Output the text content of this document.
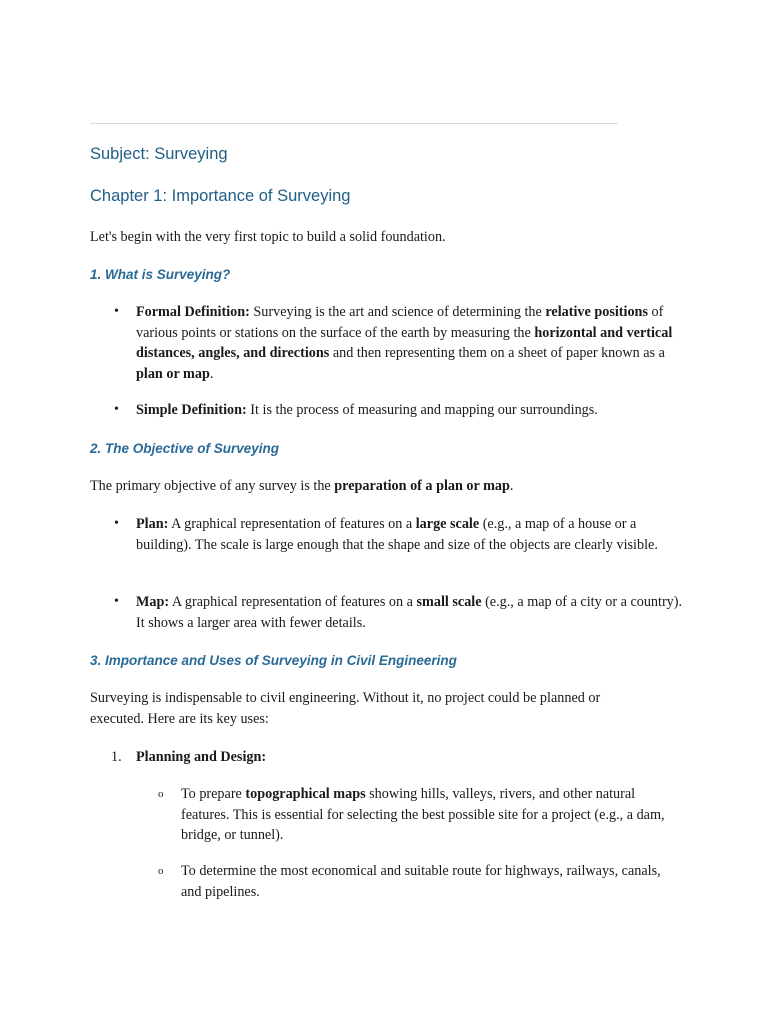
Subject: Surveying
Chapter 1: Importance of Surveying

Let's begin with the very first topic to build a solid foundation.

1. What is Surveying?
• Formal Definition: Surveying is the art and science of determining the relative positions of various points or stations on the surface of the earth by measuring the horizontal and vertical distances, angles, and directions and then representing them on a sheet of paper known as a plan or map.

• Simple Definition: It is the process of measuring and mapping our surroundings.

2. The Objective of Surveying

The primary objective of any survey is the preparation of a plan or map.

• Plan: A graphical representation of features on a large scale (e.g., a map of a house or a building). The scale is large enough that the shape and size of the objects are clearly visible.

• Map: A graphical representation of features on a small scale (e.g., a map of a city or a country). It shows a larger area with fewer details.

3. Importance and Uses of Surveying in Civil Engineering

Surveying is indispensable to civil engineering. Without it, no project could be planned or executed. Here are its key uses:

1. Planning and Design:

o To prepare topographical maps showing hills, valleys, rivers, and other natural features. This is essential for selecting the best possible site for a project (e.g., a dam, bridge, or tunnel).

o To determine the most economical and suitable route for highways, railways, canals, and pipelines.
